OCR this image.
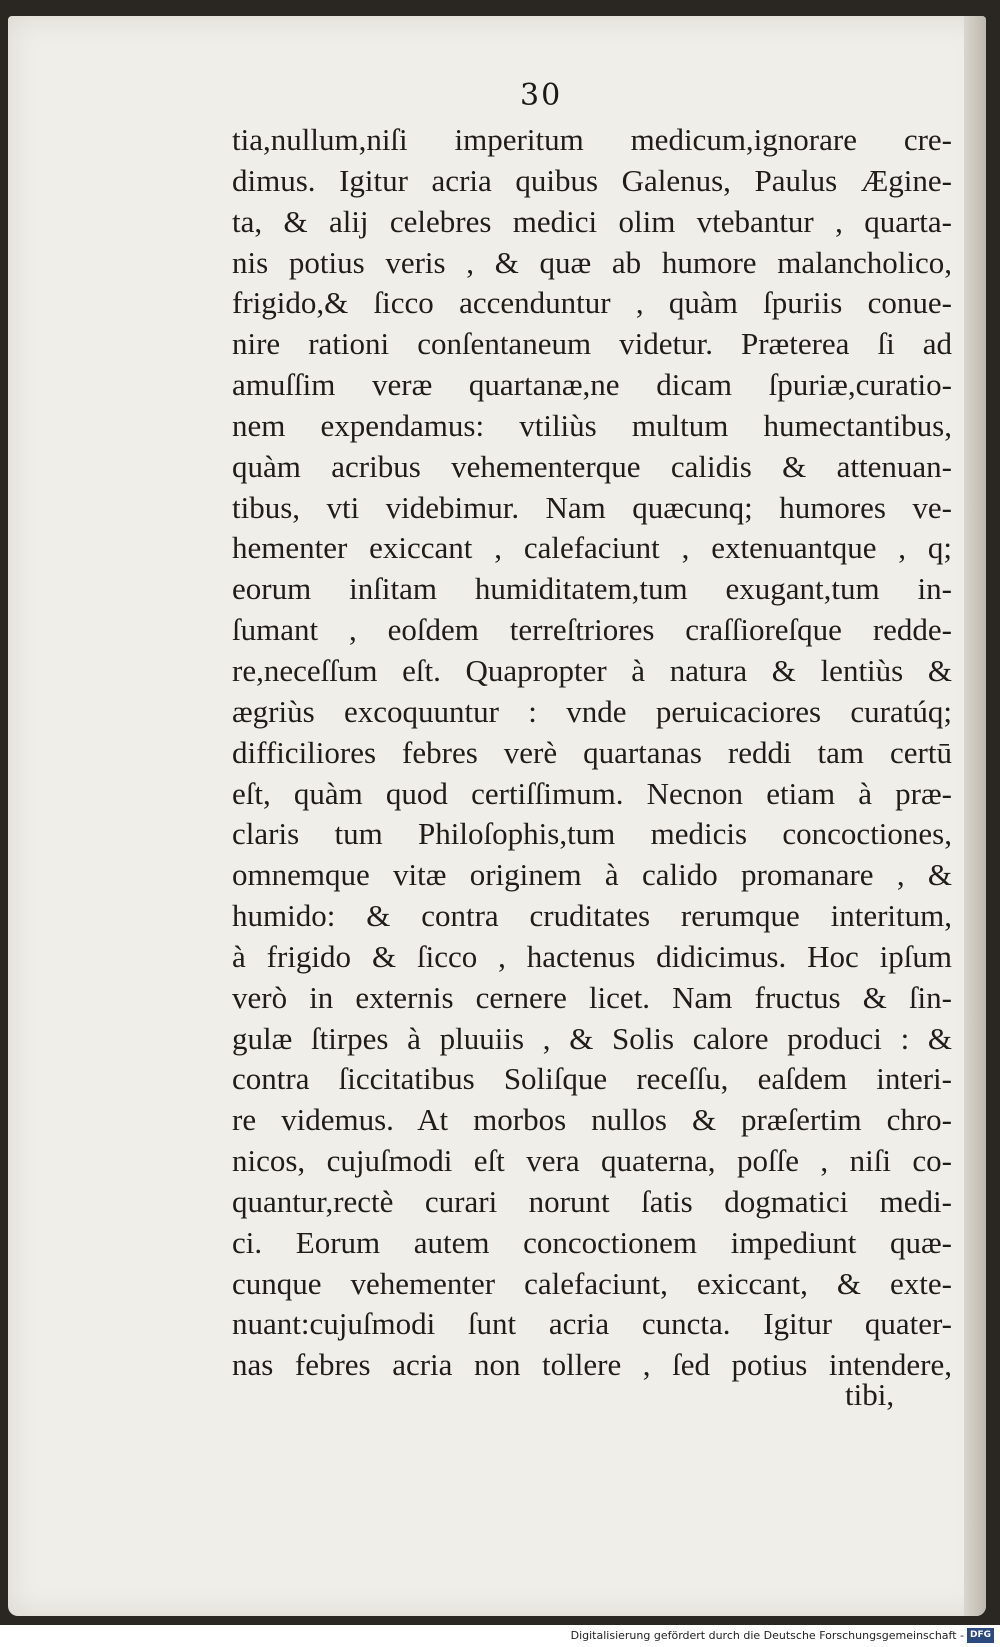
30
tia,nullum,niſi imperitum medicum,ignorare cre-
dimus. Igitur acria quibus Galenus, Paulus Ægine-
ta, & alij celebres medici olim vtebantur , quarta-
nis potius veris , & quæ ab humore malancholico,
frigido,& ſicco accenduntur , quàm ſpuriis conue-
nire rationi conſentaneum videtur. Præterea ſi ad
amuſſim veræ quartanæ,ne dicam ſpuriæ,curatio-
nem expendamus: vtiliùs multum humectantibus,
quàm acribus vehementerque calidis & attenuan-
tibus, vti videbimur. Nam quæcunq; humores ve-
hementer exiccant , calefaciunt , extenuantque , q;
eorum inſitam humiditatem,tum exugant,tum in-
ſumant , eoſdem terreſtriores craſſioreſque redde-
re,neceſſum eſt. Quapropter à natura & lentiùs &
ægriùs excoquuntur : vnde peruicaciores curatúq;
difficiliores febres verè quartanas reddi tam certū
eſt, quàm quod certiſſimum. Necnon etiam à præ-
claris tum Philoſophis,tum medicis concoctiones,
omnemque vitæ originem à calido promanare , &
humido: & contra cruditates rerumque interitum,
à frigido & ſicco , hactenus didicimus. Hoc ipſum
verò in externis cernere licet. Nam fructus & ſin-
gulæ ſtirpes à pluuiis , & Solis calore produci : &
contra ſiccitatibus Soliſque receſſu, eaſdem interi-
re videmus. At morbos nullos & præſertim chro-
nicos, cujuſmodi eſt vera quaterna, poſſe , niſi co-
quantur,rectè curari norunt ſatis dogmatici medi-
ci. Eorum autem concoctionem impediunt quæ-
cunque vehementer calefaciunt, exiccant, & exte-
nuant:cujuſmodi ſunt acria cuncta. Igitur quater-
nas febres acria non tollere , ſed potius intendere,
tibi,
Digitalisierung gefördert durch die Deutsche Forschungsgemeinschaft - DFG
